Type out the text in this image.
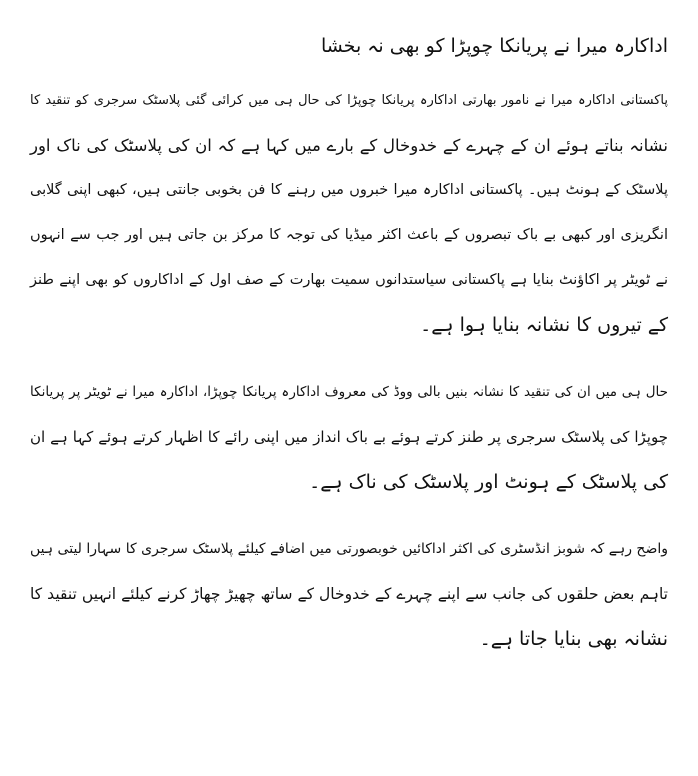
اداکارہ میرا نے پریانکا چوپڑا کو بھی نہ بخشا

پاکستانی اداکارہ میرا نے نامور بھارتی اداکارہ پریانکا چوپڑا کی حال ہی میں کرائی گئی پلاسٹک سرجری کو تنقید کا
نشانہ بناتے ہوئے ان کے چہرے کے خدوخال کے بارے میں کہا ہے کہ ان کی پلاسٹک کی ناک اور
پلاسٹک کے ہونٹ ہیں۔ پاکستانی اداکارہ میرا خبروں میں رہنے کا فن بخوبی جانتی ہیں، کبھی اپنی گلابی
انگریزی اور کبھی بے باک تبصروں کے باعث اکثر میڈیا کی توجہ کا مرکز بن جاتی ہیں اور جب سے انہوں
نے ٹویٹر پر اکاؤنٹ بنایا ہے پاکستانی سیاستدانوں سمیت بھارت کے صف اول کے اداکاروں کو بھی اپنے طنز
کے تیروں کا نشانہ بنایا ہوا ہے۔

حال ہی میں ان کی تنقید کا نشانہ بنیں بالی ووڈ کی معروف اداکارہ پریانکا چوپڑا، اداکارہ میرا نے ٹویٹر پر پریانکا
چوپڑا کی پلاسٹک سرجری پر طنز کرتے ہوئے بے باک انداز میں اپنی رائے کا اظہار کرتے ہوئے کہا ہے ان
کی پلاسٹک کے ہونٹ اور پلاسٹک کی ناک ہے۔

واضح رہے کہ شوبز انڈسٹری کی اکثر اداکائیں خوبصورتی میں اضافے کیلئے پلاسٹک سرجری کا سہارا لیتی ہیں
تاہم بعض حلقوں کی جانب سے اپنے چہرے کے خدوخال کے ساتھ چھیڑ چھاڑ کرنے کیلئے انہیں تنقید کا
نشانہ بھی بنایا جاتا ہے۔
